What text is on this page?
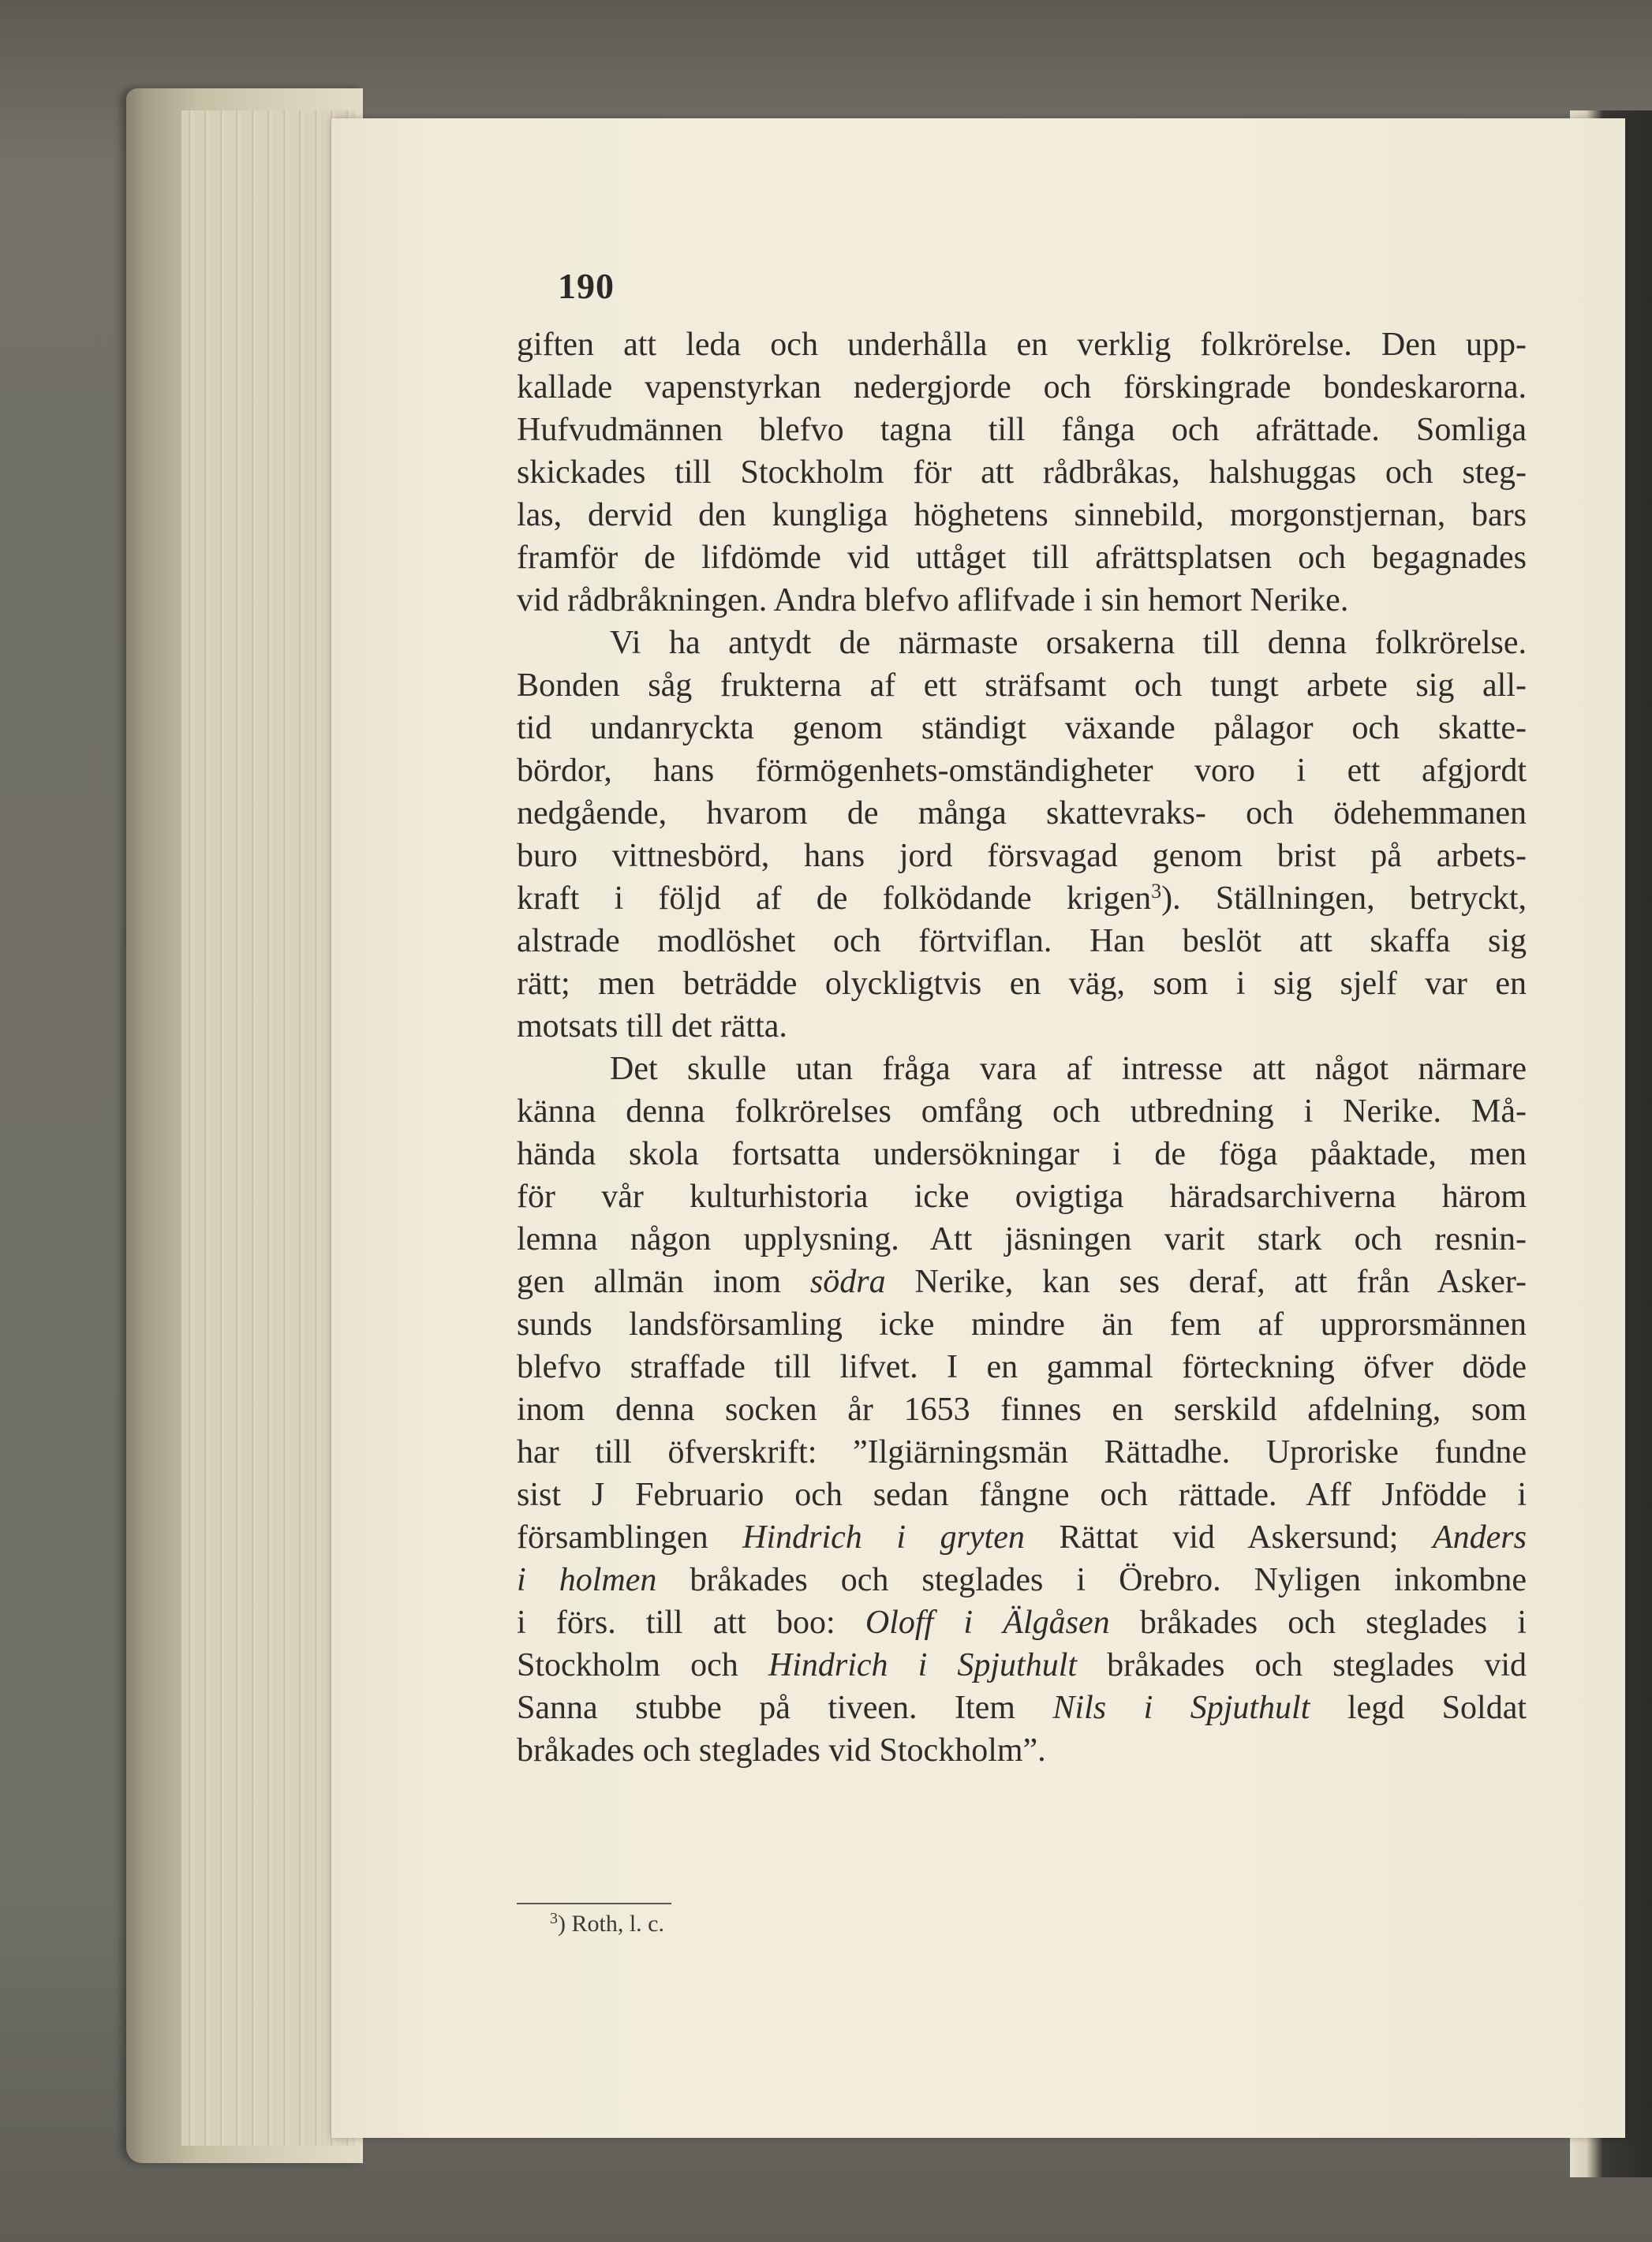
190
giften att leda och underhålla en verklig folkrörelse. Den upp-
kallade vapenstyrkan nedergjorde och förskingrade bondeskarorna.
Hufvudmännen blefvo tagna till fånga och afrättade. Somliga
skickades till Stockholm för att rådbråkas, halshuggas och steg-
las, dervid den kungliga höghetens sinnebild, morgonstjernan, bars
framför de lifdömde vid uttåget till afrättsplatsen och begagnades
vid rådbråkningen. Andra blefvo aflifvade i sin hemort Nerike.
Vi ha antydt de närmaste orsakerna till denna folkrörelse.
Bonden såg frukterna af ett sträfsamt och tungt arbete sig all-
tid undanryckta genom ständigt växande pålagor och skatte-
bördor, hans förmögenhets-omständigheter voro i ett afgjordt
nedgående, hvarom de många skattevraks- och ödehemmanen
buro vittnesbörd, hans jord försvagad genom brist på arbets-
kraft i följd af de folködande krigen$^3$). Ställningen, betryckt,
alstrade modlöshet och förtviflan. Han beslöt att skaffa sig
rätt; men beträdde olyckligtvis en väg, som i sig sjelf var en
motsats till det rätta.
Det skulle utan fråga vara af intresse att något närmare
känna denna folkrörelses omfång och utbredning i Nerike. Må-
hända skola fortsatta undersökningar i de föga påaktade, men
för vår kulturhistoria icke ovigtiga häradsarchiverna härom
lemna någon upplysning. Att jäsningen varit stark och resnin-
gen allmän inom södra Nerike, kan ses deraf, att från Asker-
sunds landsförsamling icke mindre än fem af upprorsmännen
blefvo straffade till lifvet. I en gammal förteckning öfver döde
inom denna socken år 1653 finnes en serskild afdelning, som
har till öfverskrift: ”Ilgiärningsmän Rättadhe. Uproriske fundne
sist J Februario och sedan fångne och rättade. Aff Jnfödde i
församblingen Hindrich i gryten Rättat vid Askersund; Anders
i holmen bråkades och steglades i Örebro. Nyligen inkombne
i förs. till att boo: Oloff i Älgåsen bråkades och steglades i
Stockholm och Hindrich i Spjuthult bråkades och steglades vid
Sanna stubbe på tiveen. Item Nils i Spjuthult legd Soldat
bråkades och steglades vid Stockholm”.
$^3$) Roth, l. c.
